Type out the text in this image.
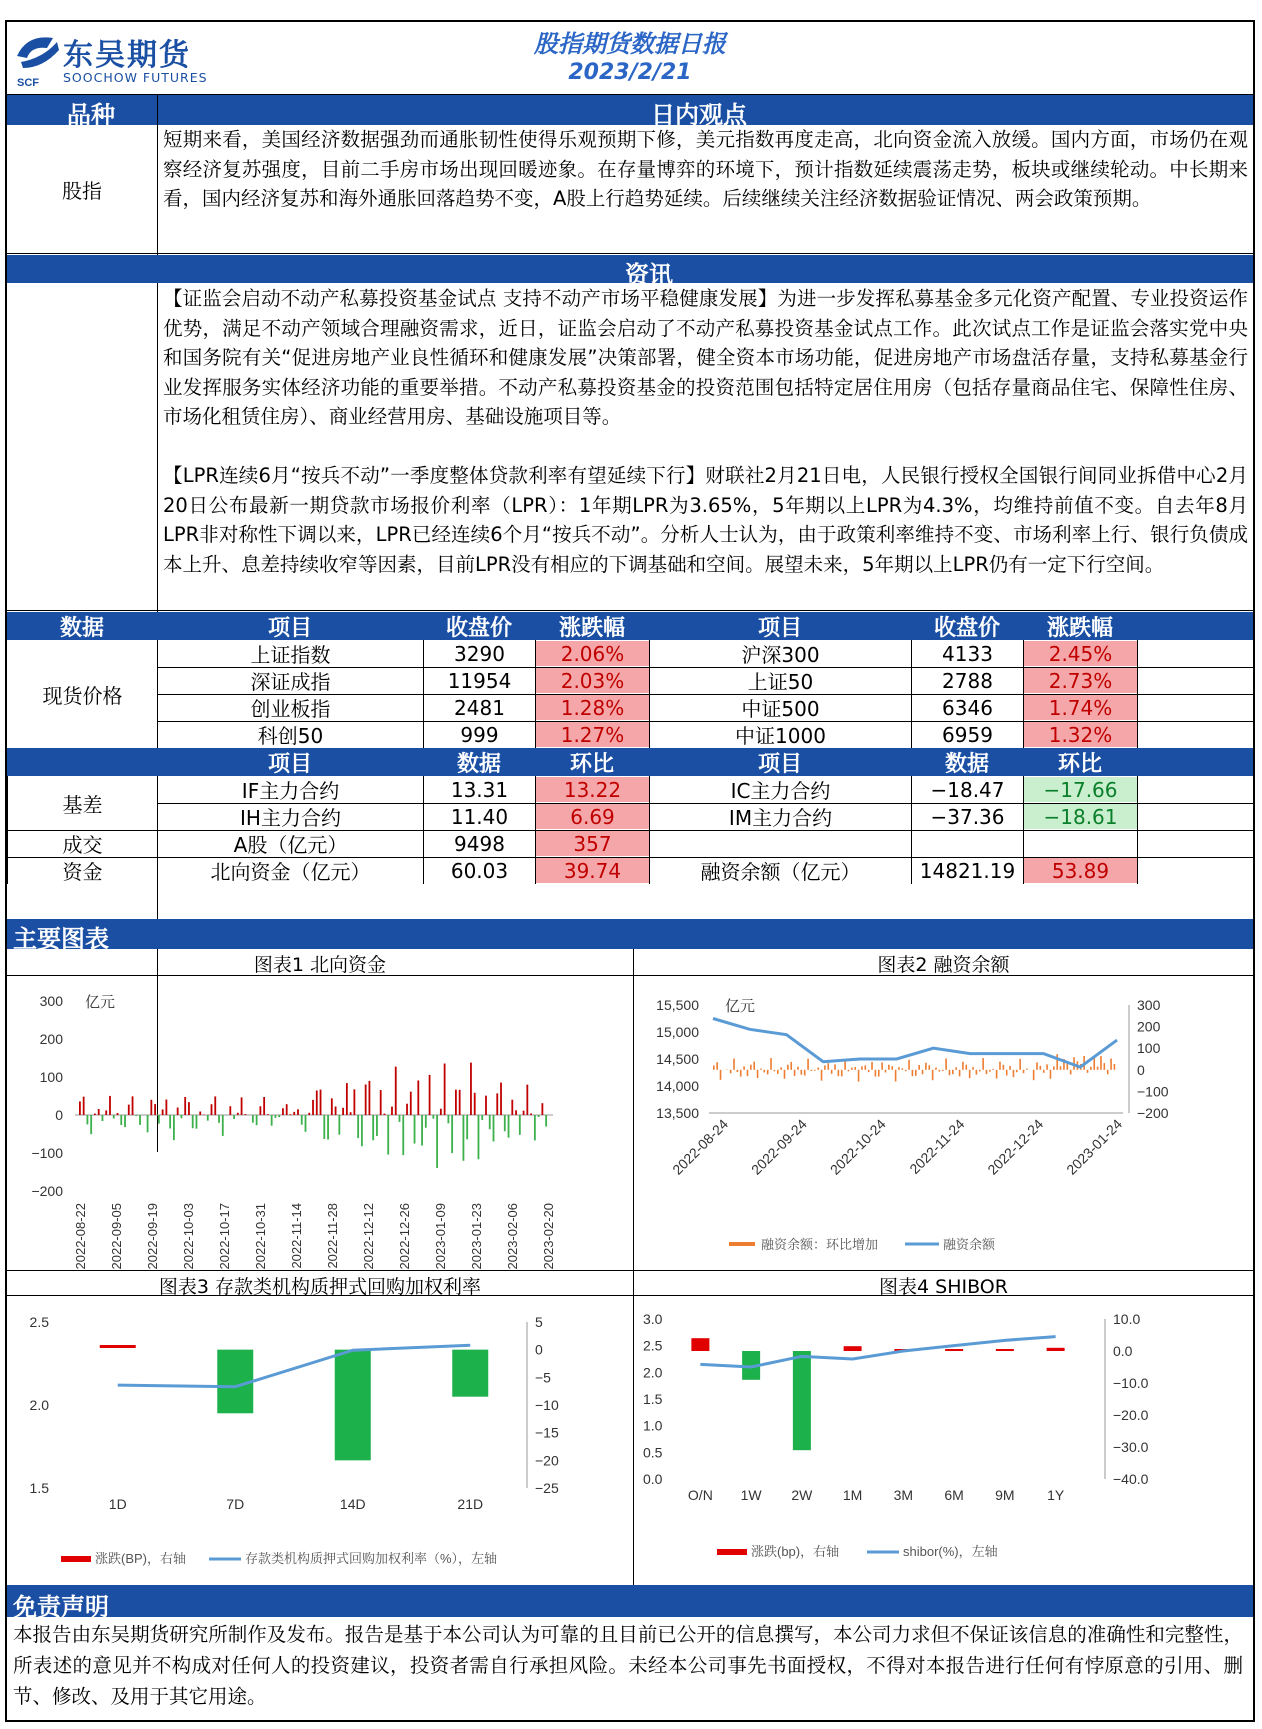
SCF
东吴期货
SOOCHOW FUTURES
股指期货数据日报
2023/2/21
品种	日内观点
股指
短期来看，美国经济数据强劲而通胀韧性使得乐观预期下修，美元指数再度走高，北向资金流入放缓。国内方面，市场仍在观察经济复苏强度，目前二手房市场出现回暖迹象。在存量博弈的环境下，预计指数延续震荡走势，板块或继续轮动。中长期来看，国内经济复苏和海外通胀回落趋势不变，A股上行趋势延续。后续继续关注经济数据验证情况、两会政策预期。
资讯
【证监会启动不动产私募投资基金试点 支持不动产市场平稳健康发展】为进一步发挥私募基金多元化资产配置、专业投资运作优势，满足不动产领域合理融资需求，近日，证监会启动了不动产私募投资基金试点工作。此次试点工作是证监会落实党中央和国务院有关“促进房地产业良性循环和健康发展”决策部署，健全资本市场功能，促进房地产市场盘活存量，支持私募基金行业发挥服务实体经济功能的重要举措。不动产私募投资基金的投资范围包括特定居住用房（包括存量商品住宅、保障性住房、市场化租赁住房）、商业经营用房、基础设施项目等。
【LPR连续6月“按兵不动”一季度整体贷款利率有望延续下行】财联社2月21日电，人民银行授权全国银行间同业拆借中心2月20日公布最新一期贷款市场报价利率（LPR）：1年期LPR为3.65%，5年期以上LPR为4.3%，均维持前值不变。自去年8月LPR非对称性下调以来，LPR已经连续6个月“按兵不动”。分析人士认为，由于政策利率维持不变、市场利率上行、银行负债成本上升、息差持续收窄等因素，目前LPR没有相应的下调基础和空间。展望未来，5年期以上LPR仍有一定下行空间。
主要图表
图表1 北向资金	图表2 融资余额
图表3 存款类机构质押式回购加权利率	图表4 SHIBOR
300
200
100
0
−100
−200
亿元
2022-08-22 2022-09-05 2022-09-19 2022-10-03 2022-10-17 2022-10-31 2022-11-14 2022-11-28 2022-12-12 2022-12-26 2023-01-09 2023-01-23 2023-02-06 2023-02-20
15,500
15,000
14,500
14,000
13,500
300
200
100
0
−100
−200
亿元
2022-08-24 2022-09-24 2022-10-24 2022-11-24 2022-12-24 2023-01-24
融资余额：环比增加	融资余额
2.5
2.0
1.5
5
0
−5
−10
−15
−20
−25
1D	7D	14D	21D
涨跌(BP)，右轴	存款类机构质押式回购加权利率（%），左轴
3.0
2.5
2.0
1.5
1.0
0.5
0.0
10.0
0.0
−10.0
−20.0
−30.0
−40.0
O/N 1W 2W 1M 3M 6M 9M 1Y
涨跌(bp)，右轴	shibor(%)，左轴
免责声明
本报告由东吴期货研究所制作及发布。报告是基于本公司认为可靠的且目前已公开的信息撰写，本公司力求但不保证该信息的准确性和完整性，所表述的意见并不构成对任何人的投资建议，投资者需自行承担风险。未经本公司事先书面授权，不得对本报告进行任何有悖原意的引用、删节、修改、及用于其它用途。
数据	项目	收盘价	涨跌幅	项目	收盘价	涨跌幅
上证指数	3290	2.06%	沪深300	4133	2.45%
深证成指	11954	2.03%	上证50	2788	2.73%
创业板指	2481	1.28%	中证500	6346	1.74%
科创50	999	1.27%	中证1000	6959	1.32%
现货价格
项目	数据	环比	项目	数据	环比
IF主力合约	13.31	13.22	IC主力合约	−18.47	−17.66
IH主力合约	11.40	6.69	IM主力合约	−37.36	−18.61
基差
成交	A股（亿元）	9498	357
资金	北向资金（亿元）	60.03	39.74	融资余额（亿元）	14821.19	53.89
